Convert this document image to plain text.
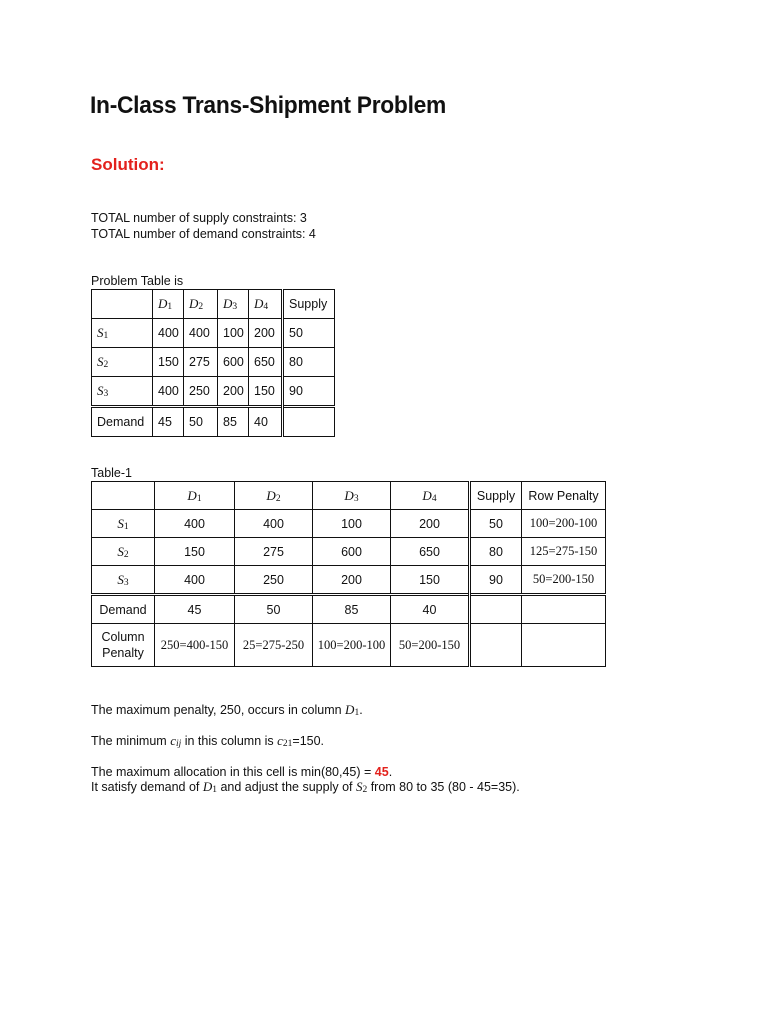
In-Class Trans-Shipment Problem
Solution:
TOTAL number of supply constraints: 3
TOTAL number of demand constraints: 4
Problem Table is
	D1	D2	D3	D4	Supply
S1	400	400	100	200	50
S2	150	275	600	650	80
S3	400	250	200	150	90
Demand	45	50	85	40	
Table-1
	D1	D2	D3	D4	Supply	Row Penalty
S1	400	400	100	200	50	100=200-100
S2	150	275	600	650	80	125=275-150
S3	400	250	200	150	90	50=200-150
Demand	45	50	85	40		
Column
Penalty	250=400-150	25=275-250	100=200-100	50=200-150		
The maximum penalty, 250, occurs in column D1.
The minimum cij in this column is c21=150.
The maximum allocation in this cell is min(80,45) = 45.
It satisfy demand of D1 and adjust the supply of S2 from 80 to 35 (80 - 45=35).
